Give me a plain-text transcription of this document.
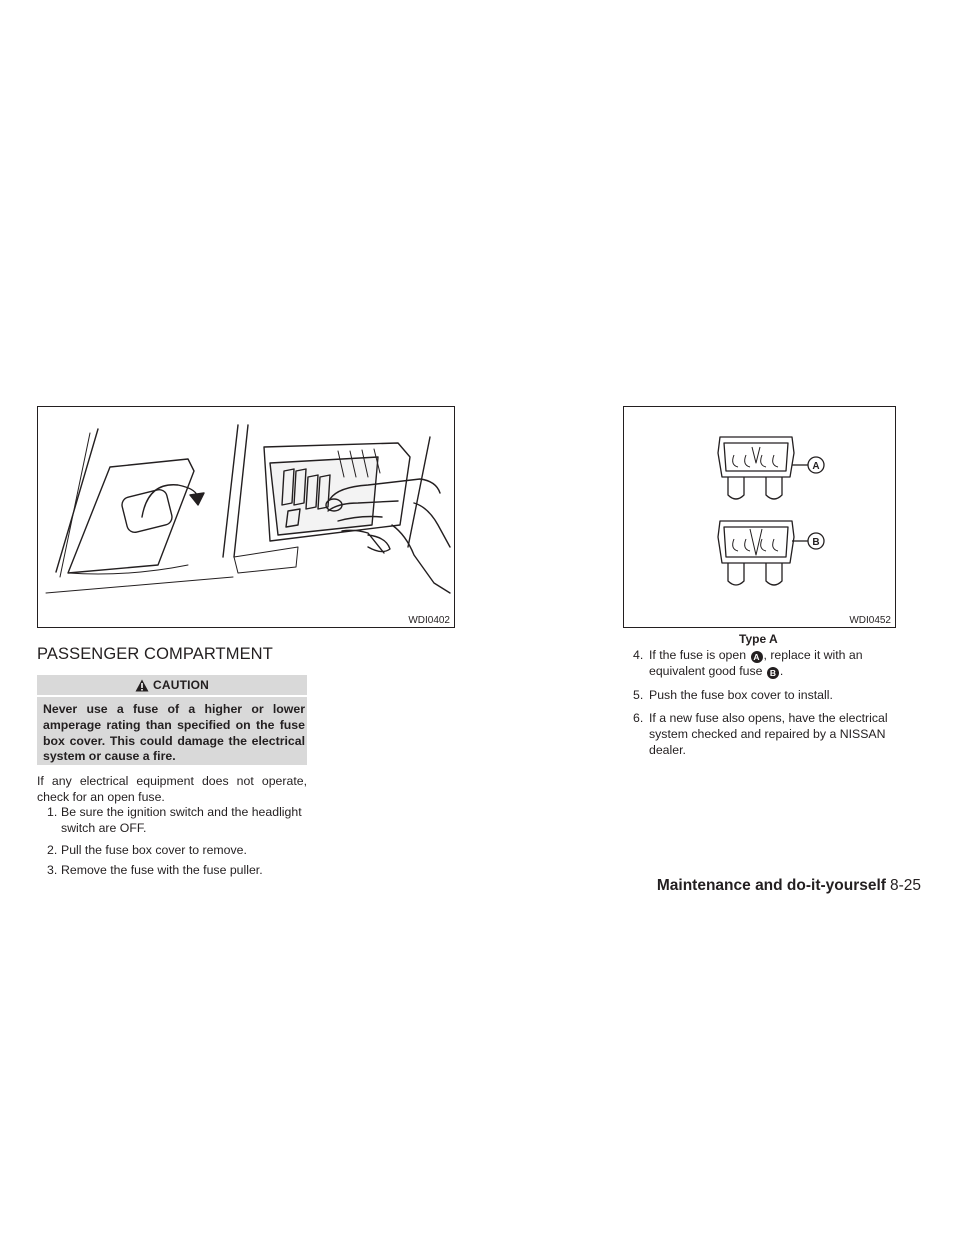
WDI0402
A
B
WDI0452
Type A
PASSENGER COMPARTMENT
CAUTION
Never use a fuse of a higher or lower amperage rating than specified on the fuse box cover. This could damage the electrical system or cause a fire.
If any electrical equipment does not operate, check for an open fuse.
1. Be sure the ignition switch and the headlight switch are OFF.
2. Pull the fuse box cover to remove.
3. Remove the fuse with the fuse puller.
4. If the fuse is open A , replace it with an equivalent good fuse B .
5. Push the fuse box cover to install.
6. If a new fuse also opens, have the electrical system checked and repaired by a NISSAN dealer.
Maintenance and do-it-yourself 8-25
